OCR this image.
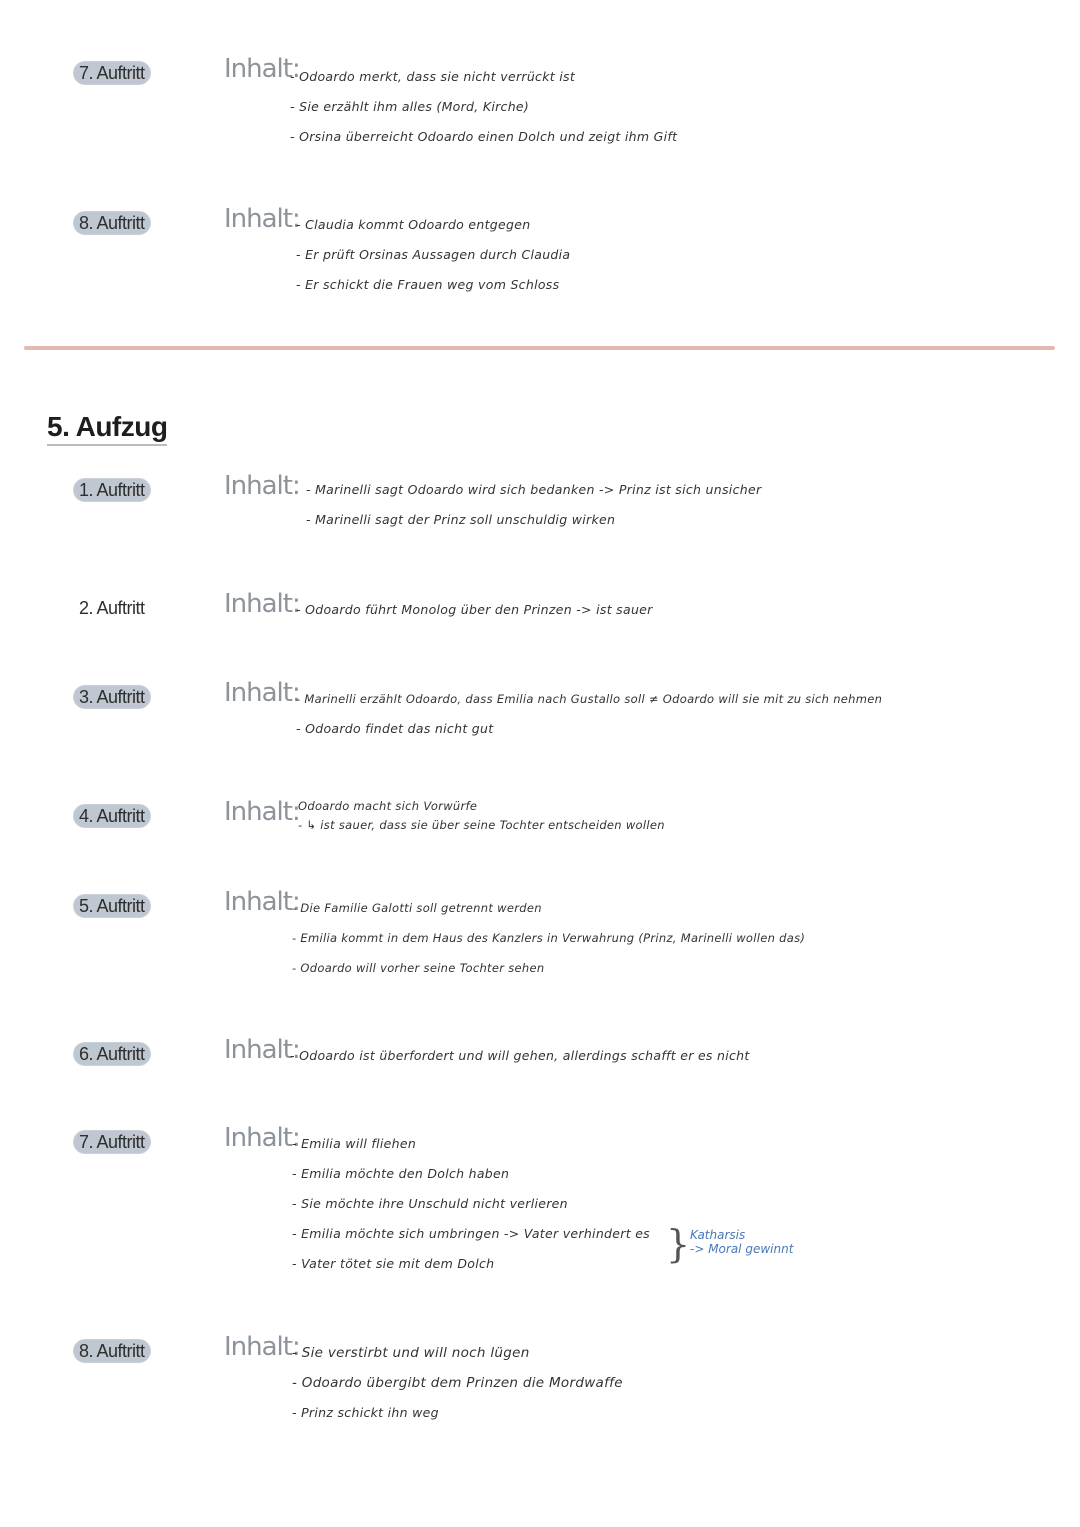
7. Auftritt	Inhalt:
- Odoardo merkt, dass sie nicht verrückt ist
- Sie erzählt ihm alles (Mord, Kirche)
- Orsina überreicht Odoardo einen Dolch und zeigt ihm Gift
8. Auftritt	Inhalt:
- Claudia kommt Odoardo entgegen
- Er prüft Orsinas Aussagen durch Claudia
- Er schickt die Frauen weg vom Schloss
5. Aufzug
1. Auftritt	Inhalt: - Marinelli sagt Odoardo wird sich bedanken -> Prinz ist sich unsicher
- Marinelli sagt der Prinz soll unschuldig wirken
2. Auftritt	Inhalt:
- Odoardo führt Monolog über den Prinzen -> ist sauer
3. Auftritt	Inhalt:
- Marinelli erzählt Odoardo, dass Emilia nach Gustallo soll ≠ Odoardo will sie mit zu sich nehmen
- Odoardo findet das nicht gut
4. Auftritt	Inhalt:
Odoardo macht sich Vorwürfe
- ↳ ist sauer, dass sie über seine Tochter entscheiden wollen
5. Auftritt	Inhalt:
- Die Familie Galotti soll getrennt werden
- Emilia kommt in dem Haus des Kanzlers in Verwahrung (Prinz, Marinelli wollen das)
- Odoardo will vorher seine Tochter sehen
6. Auftritt	Inhalt:
- Odoardo ist überfordert und will gehen, allerdings schafft er es nicht
7. Auftritt	Inhalt:
- Emilia will fliehen
- Emilia möchte den Dolch haben
- Sie möchte ihre Unschuld nicht verlieren
- Emilia möchte sich umbringen -> Vater verhindert es
- Vater tötet sie mit dem Dolch	} Katharsis
-> Moral gewinnt
8. Auftritt	Inhalt:
- Sie verstirbt und will noch lügen
- Odoardo übergibt dem Prinzen die Mordwaffe
- Prinz schickt ihn weg
